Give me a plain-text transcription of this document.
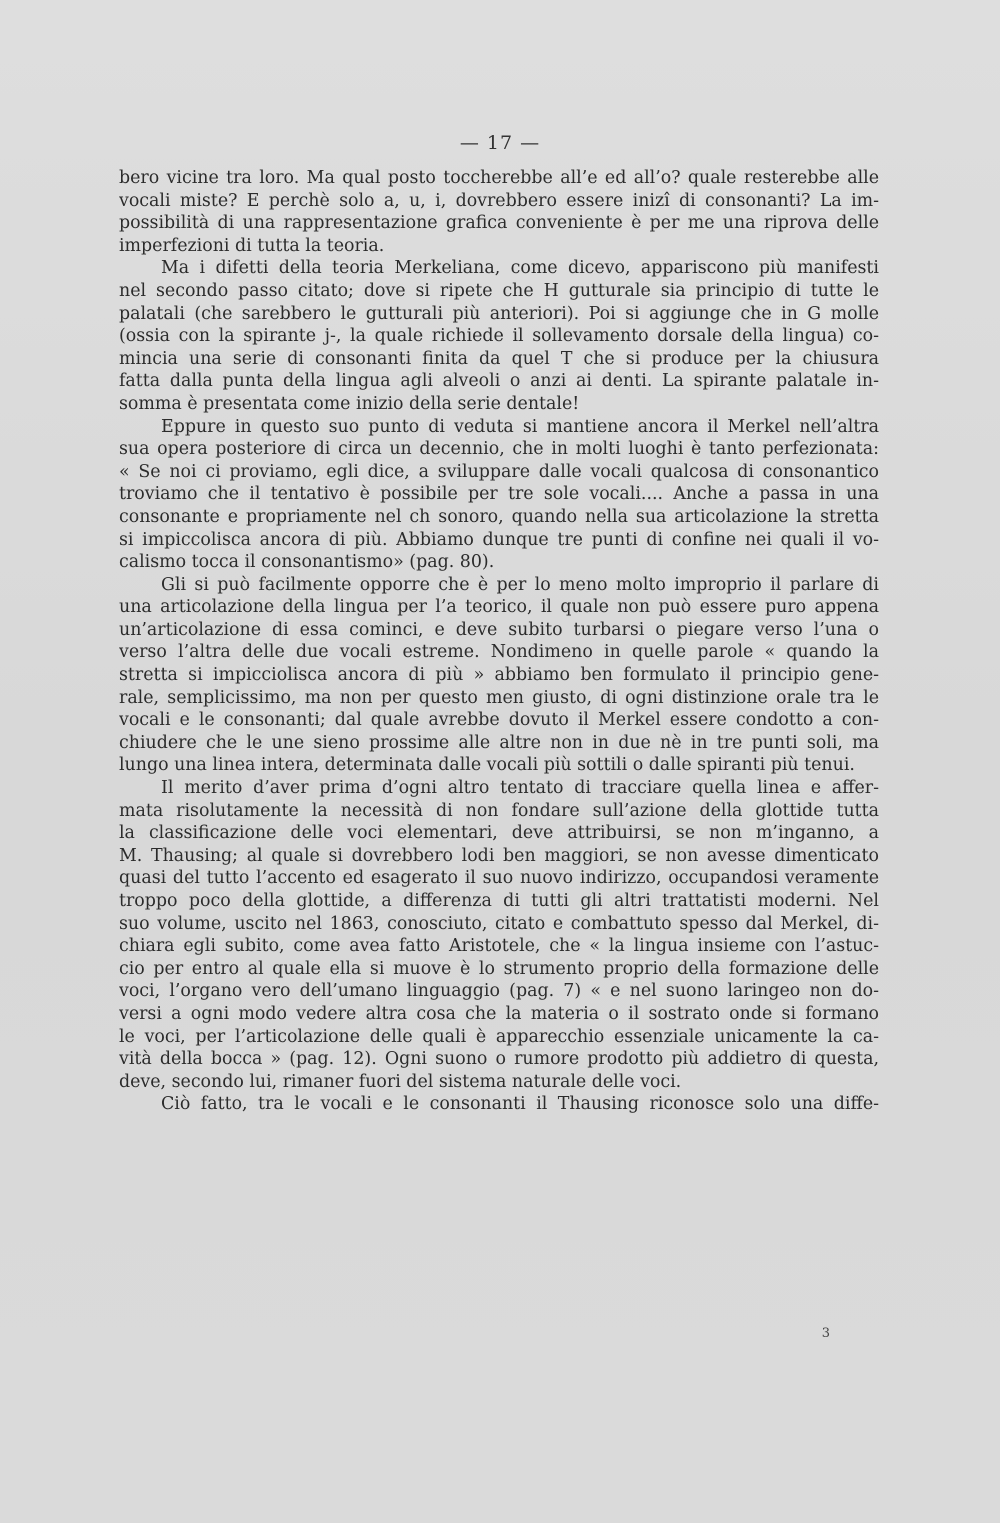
— 17 —
bero vicine tra loro. Ma qual posto toccherebbe all’e ed all’o? quale resterebbe alle
vocali miste? E perchè solo a, u, i, dovrebbero essere inizî di consonanti? La im-
possibilità di una rappresentazione grafica conveniente è per me una riprova delle
imperfezioni di tutta la teoria.
Ma i difetti della teoria Merkeliana, come dicevo, appariscono più manifesti
nel secondo passo citato; dove si ripete che H gutturale sia principio di tutte le
palatali (che sarebbero le gutturali più anteriori). Poi si aggiunge che in G molle
(ossia con la spirante j-, la quale richiede il sollevamento dorsale della lingua) co-
mincia una serie di consonanti finita da quel T che si produce per la chiusura
fatta dalla punta della lingua agli alveoli o anzi ai denti. La spirante palatale in-
somma è presentata come inizio della serie dentale!
Eppure in questo suo punto di veduta si mantiene ancora il Merkel nell’altra
sua opera posteriore di circa un decennio, che in molti luoghi è tanto perfezionata:
« Se noi ci proviamo, egli dice, a sviluppare dalle vocali qualcosa di consonantico
troviamo che il tentativo è possibile per tre sole vocali.... Anche a passa in una
consonante e propriamente nel ch sonoro, quando nella sua articolazione la stretta
si impiccolisca ancora di più. Abbiamo dunque tre punti di confine nei quali il vo-
calismo tocca il consonantismo» (pag. 80).
Gli si può facilmente opporre che è per lo meno molto improprio il parlare di
una articolazione della lingua per l’a teorico, il quale non può essere puro appena
un’articolazione di essa cominci, e deve subito turbarsi o piegare verso l’una o
verso l’altra delle due vocali estreme. Nondimeno in quelle parole « quando la
stretta si impicciolisca ancora di più » abbiamo ben formulato il principio gene-
rale, semplicissimo, ma non per questo men giusto, di ogni distinzione orale tra le
vocali e le consonanti; dal quale avrebbe dovuto il Merkel essere condotto a con-
chiudere che le une sieno prossime alle altre non in due nè in tre punti soli, ma
lungo una linea intera, determinata dalle vocali più sottili o dalle spiranti più tenui.
Il merito d’aver prima d’ogni altro tentato di tracciare quella linea e affer-
mata risolutamente la necessità di non fondare sull’azione della glottide tutta
la classificazione delle voci elementari, deve attribuirsi, se non m’inganno, a
M. Thausing; al quale si dovrebbero lodi ben maggiori, se non avesse dimenticato
quasi del tutto l’accento ed esagerato il suo nuovo indirizzo, occupandosi veramente
troppo poco della glottide, a differenza di tutti gli altri trattatisti moderni. Nel
suo volume, uscito nel 1863, conosciuto, citato e combattuto spesso dal Merkel, di-
chiara egli subito, come avea fatto Aristotele, che « la lingua insieme con l’astuc-
cio per entro al quale ella si muove è lo strumento proprio della formazione delle
voci, l’organo vero dell’umano linguaggio (pag. 7) « e nel suono laringeo non do-
versi a ogni modo vedere altra cosa che la materia o il sostrato onde si formano
le voci, per l’articolazione delle quali è apparecchio essenziale unicamente la ca-
vità della bocca » (pag. 12). Ogni suono o rumore prodotto più addietro di questa,
deve, secondo lui, rimaner fuori del sistema naturale delle voci.
Ciò fatto, tra le vocali e le consonanti il Thausing riconosce solo una diffe-
3
